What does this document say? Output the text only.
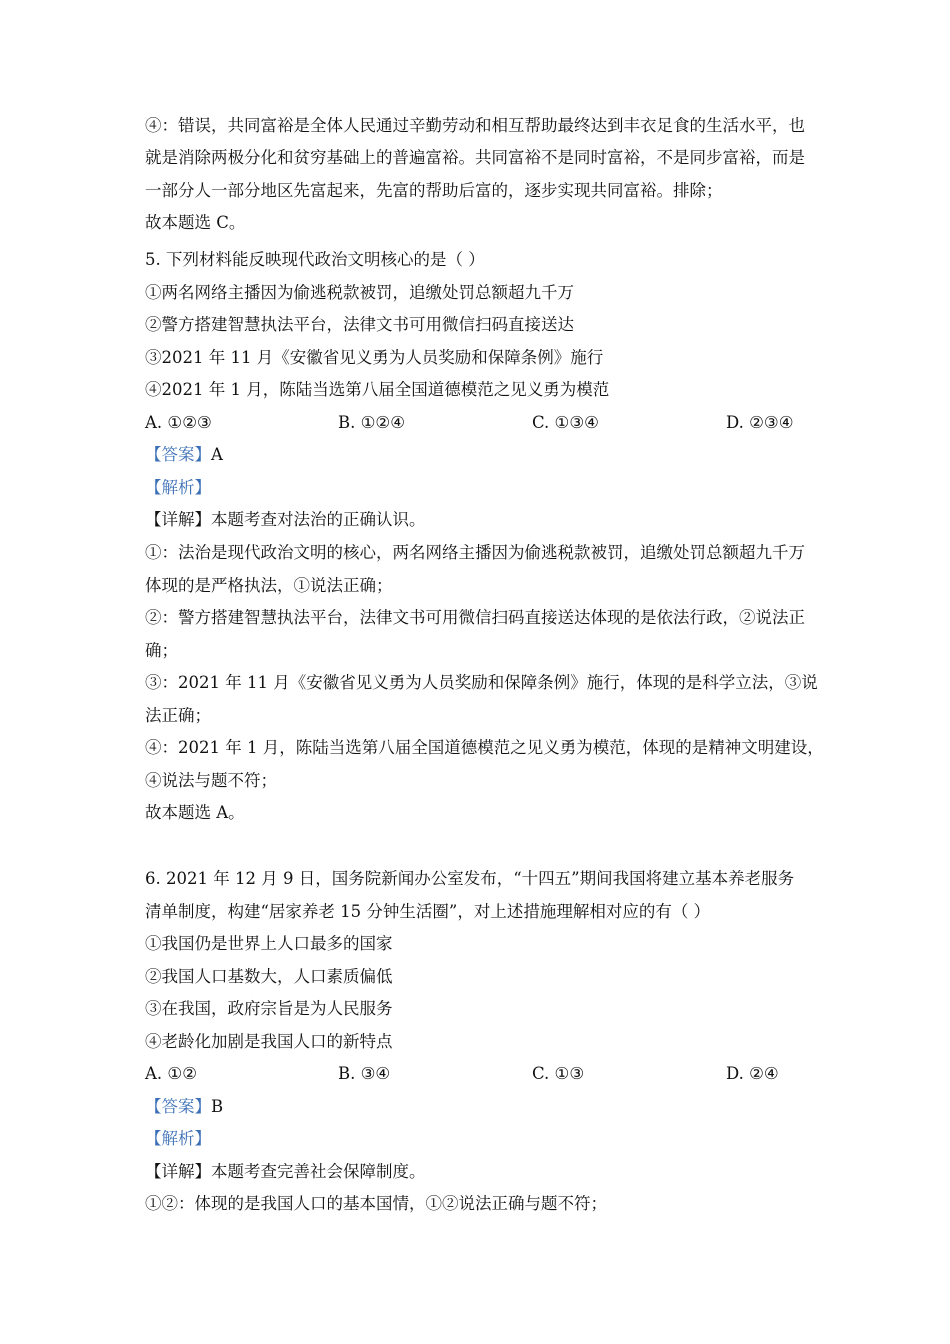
④：错误，共同富裕是全体人民通过辛勤劳动和相互帮助最终达到丰衣足食的生活水平，也
就是消除两极分化和贫穷基础上的普遍富裕。共同富裕不是同时富裕，不是同步富裕，而是
一部分人一部分地区先富起来，先富的帮助后富的，逐步实现共同富裕。排除；
故本题选 C。
5. 下列材料能反映现代政治文明核心的是（ ）
①两名网络主播因为偷逃税款被罚，追缴处罚总额超九千万
②警方搭建智慧执法平台，法律文书可用微信扫码直接送达
③2021 年 11 月《安徽省见义勇为人员奖励和保障条例》施行
④2021 年 1 月，陈陆当选第八届全国道德模范之见义勇为模范
A. ①②③	B. ①②④	C. ①③④	D. ②③④
【答案】A
【解析】
【详解】本题考查对法治的正确认识。
①：法治是现代政治文明的核心，两名网络主播因为偷逃税款被罚，追缴处罚总额超九千万
体现的是严格执法，①说法正确；
②：警方搭建智慧执法平台，法律文书可用微信扫码直接送达体现的是依法行政，②说法正
确；
③：2021 年 11 月《安徽省见义勇为人员奖励和保障条例》施行，体现的是科学立法，③说
法正确；
④：2021 年 1 月，陈陆当选第八届全国道德模范之见义勇为模范，体现的是精神文明建设，
④说法与题不符；
故本题选 A。
6. 2021 年 12 月 9 日，国务院新闻办公室发布，“十四五”期间我国将建立基本养老服务
清单制度，构建“居家养老 15 分钟生活圈”，对上述措施理解相对应的有（ ）
①我国仍是世界上人口最多的国家
②我国人口基数大，人口素质偏低
③在我国，政府宗旨是为人民服务
④老龄化加剧是我国人口的新特点
A. ①②	B. ③④	C. ①③	D. ②④
【答案】B
【解析】
【详解】本题考查完善社会保障制度。
①②：体现的是我国人口的基本国情，①②说法正确与题不符；
